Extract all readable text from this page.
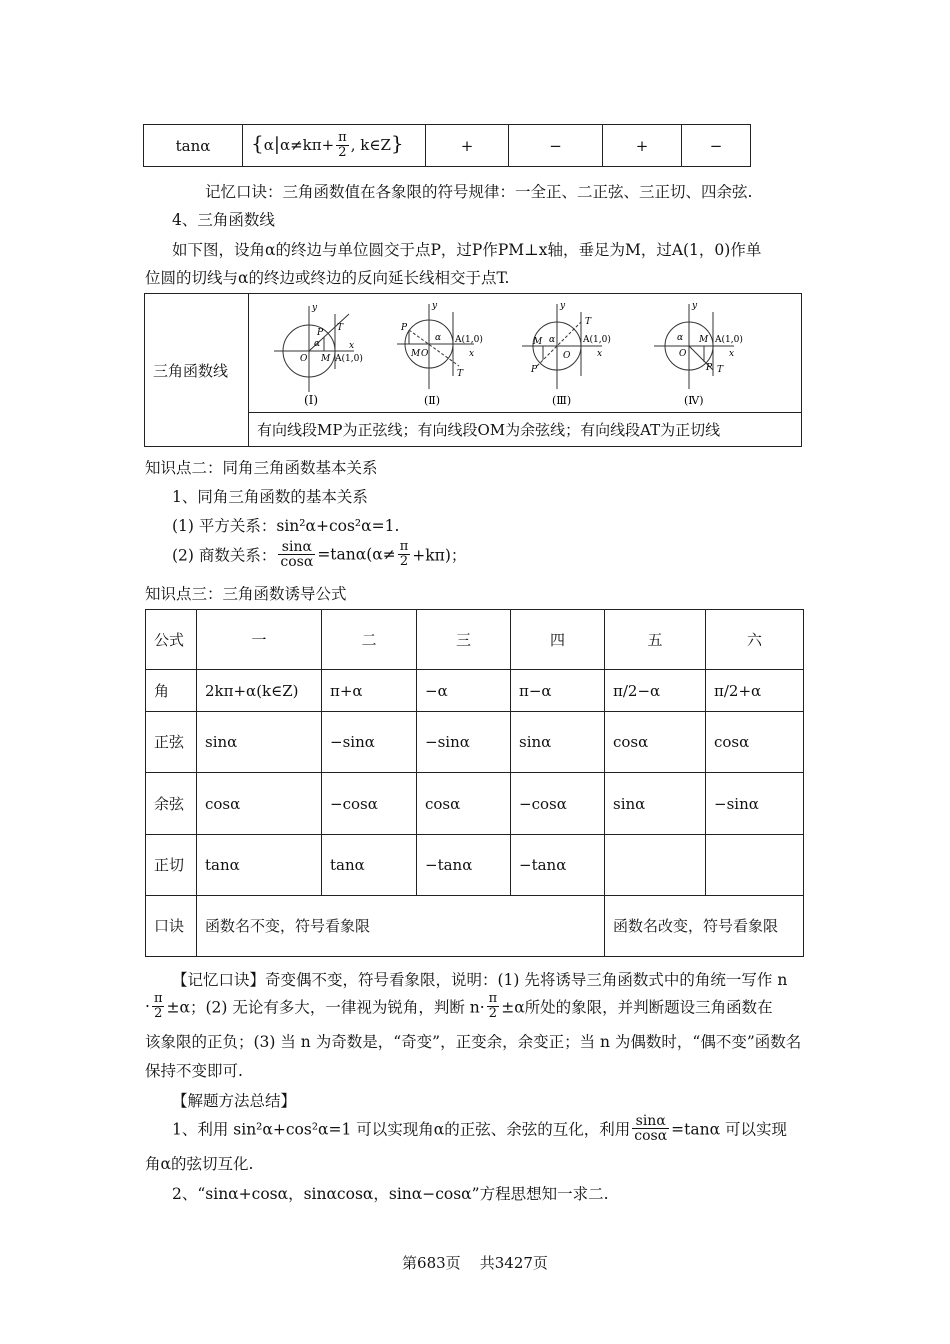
tanα	{$\alpha|\alpha\ne k\pi+ \frac{\pi}{2}$ , k∈Z}	+	−	+	−
记忆口诀：三角函数值在各象限的符号规律：一全正、二正弦、三正切、四余弦.
4、三角函数线
如下图，设角α的终边与单位圆交于点P，过P作PM⊥x轴，垂足为M，过A(1，0)作单
位圆的切线与α的终边或终边的反向延长线相交于点T.
三角函数线	
O
y
x
P T
M
α
A(1,0)
(Ⅰ)
O
y
x
P
T
M
α A(1,0)
(Ⅱ)
O
y
x
P
T
M α	A(1,0)
(Ⅲ)
O
y
x
P T
M
α	A(1,0)
(Ⅳ)

有向线段MP为正弦线；有向线段OM为余弦线；有向线段AT为正切线
知识点二：同角三角函数基本关系
1、同角三角函数的基本关系
(1) 平方关系：sin²α+cos²α=1.
(2) 商数关系： $\frac{\sin\alpha}{\cos\alpha} =\tan\alpha(\alpha\ne \frac{\pi}{2} +k\pi)$；
知识点三：三角函数诱导公式
公式	一	二	三	四	五	六
角	2kπ+α(k∈Z)	π+α	−α	π−α	π/2−α	π/2+α
正弦	sinα	−sinα	−sinα	sinα	cosα	cosα
余弦	cosα	−cosα	cosα	−cosα	sinα	−sinα
正切	tanα	tanα	−tanα	−tanα		
口诀	函数名不变，符号看象限				函数名改变，符号看象限	
【记忆口诀】奇变偶不变，符号看象限，说明：(1) 先将诱导三角函数式中的角统一写作 n
· $\frac{\pi}{2} \pm\alpha$；(2) 无论有多大，一律视为锐角，判断 $n\cdot \frac{\pi}{2} \pm\alpha$所处的象限，并判断题设三角函数在
该象限的正负；(3) 当 n 为奇数是，“奇变”，正变余，余变正；当 n 为偶数时，“偶不变”函数名
保持不变即可.
【解题方法总结】
1、利用 sin²α+cos²α=1 可以实现角α的正弦、余弦的互化，利用 $\frac{\sin\alpha}{\cos\alpha} =\tan\alpha$ 可以实现
角α的弦切互化.
2、“sinα+cosα，sinαcosα，sinα−cosα”方程思想知一求二.
第683页    共3427页
